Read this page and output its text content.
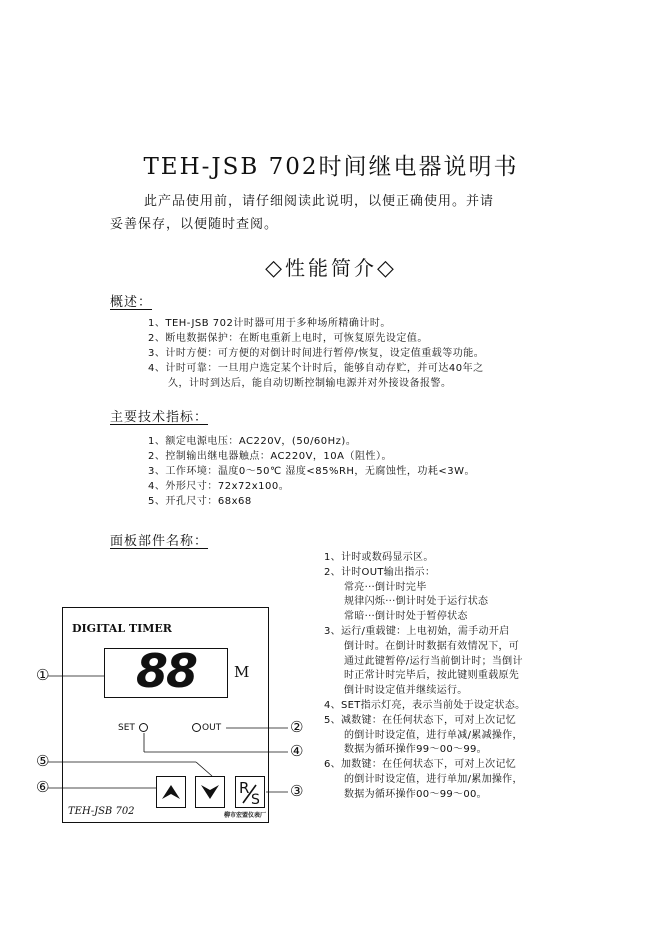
TEH-JSB 702时间继电器说明书
此产品使用前，请仔细阅读此说明，以便正确使用。并请
妥善保存，以便随时查阅。
◇性能简介◇
概述：
1、TEH-JSB 702计时器可用于多种场所精确计时。
2、断电数据保护：在断电重新上电时，可恢复原先设定值。
3、计时方便：可方便的对倒计时间进行暂停/恢复，设定值重载等功能。
4、计时可靠：一旦用户选定某个计时后，能够自动存贮，并可达40年之
久，计时到达后，能自动切断控制输电源并对外接设备报警。
主要技术指标：
1、额定电源电压：AC220V，(50/60Hz)。
2、控制输出继电器触点：AC220V，10A（阻性）。
3、工作环境：温度0～50℃ 湿度<85%RH，无腐蚀性，功耗<3W。
4、外形尺寸：72x72x100。
5、开孔尺寸：68x68
面板部件名称：
1、计时或数码显示区。
2、计时OUT输出指示：
常亮···倒计时完毕
规律闪烁···倒计时处于运行状态
常暗···倒计时处于暂停状态
3、运行/重载键：上电初始，需手动开启
倒计时。在倒计时数据有效情况下，可
通过此键暂停/运行当前倒计时；当倒计
时正常计时完毕后，按此键则重载原先
倒计时设定值并继续运行。
4、SET指示灯亮，表示当前处于设定状态。
5、减数键：在任何状态下，可对上次记忆
的倒计时设定值，进行单减/累减操作，
数据为循环操作99～00～99。
6、加数键：在任何状态下，可对上次记忆
的倒计时设定值，进行单加/累加操作，
数据为循环操作00～99～00。
DIGITAL TIMER
88	M
SET	OUT
R
S
TEH-JSB 702	柳市宏盟仪表厂
①
②
③
④
⑤
⑥
